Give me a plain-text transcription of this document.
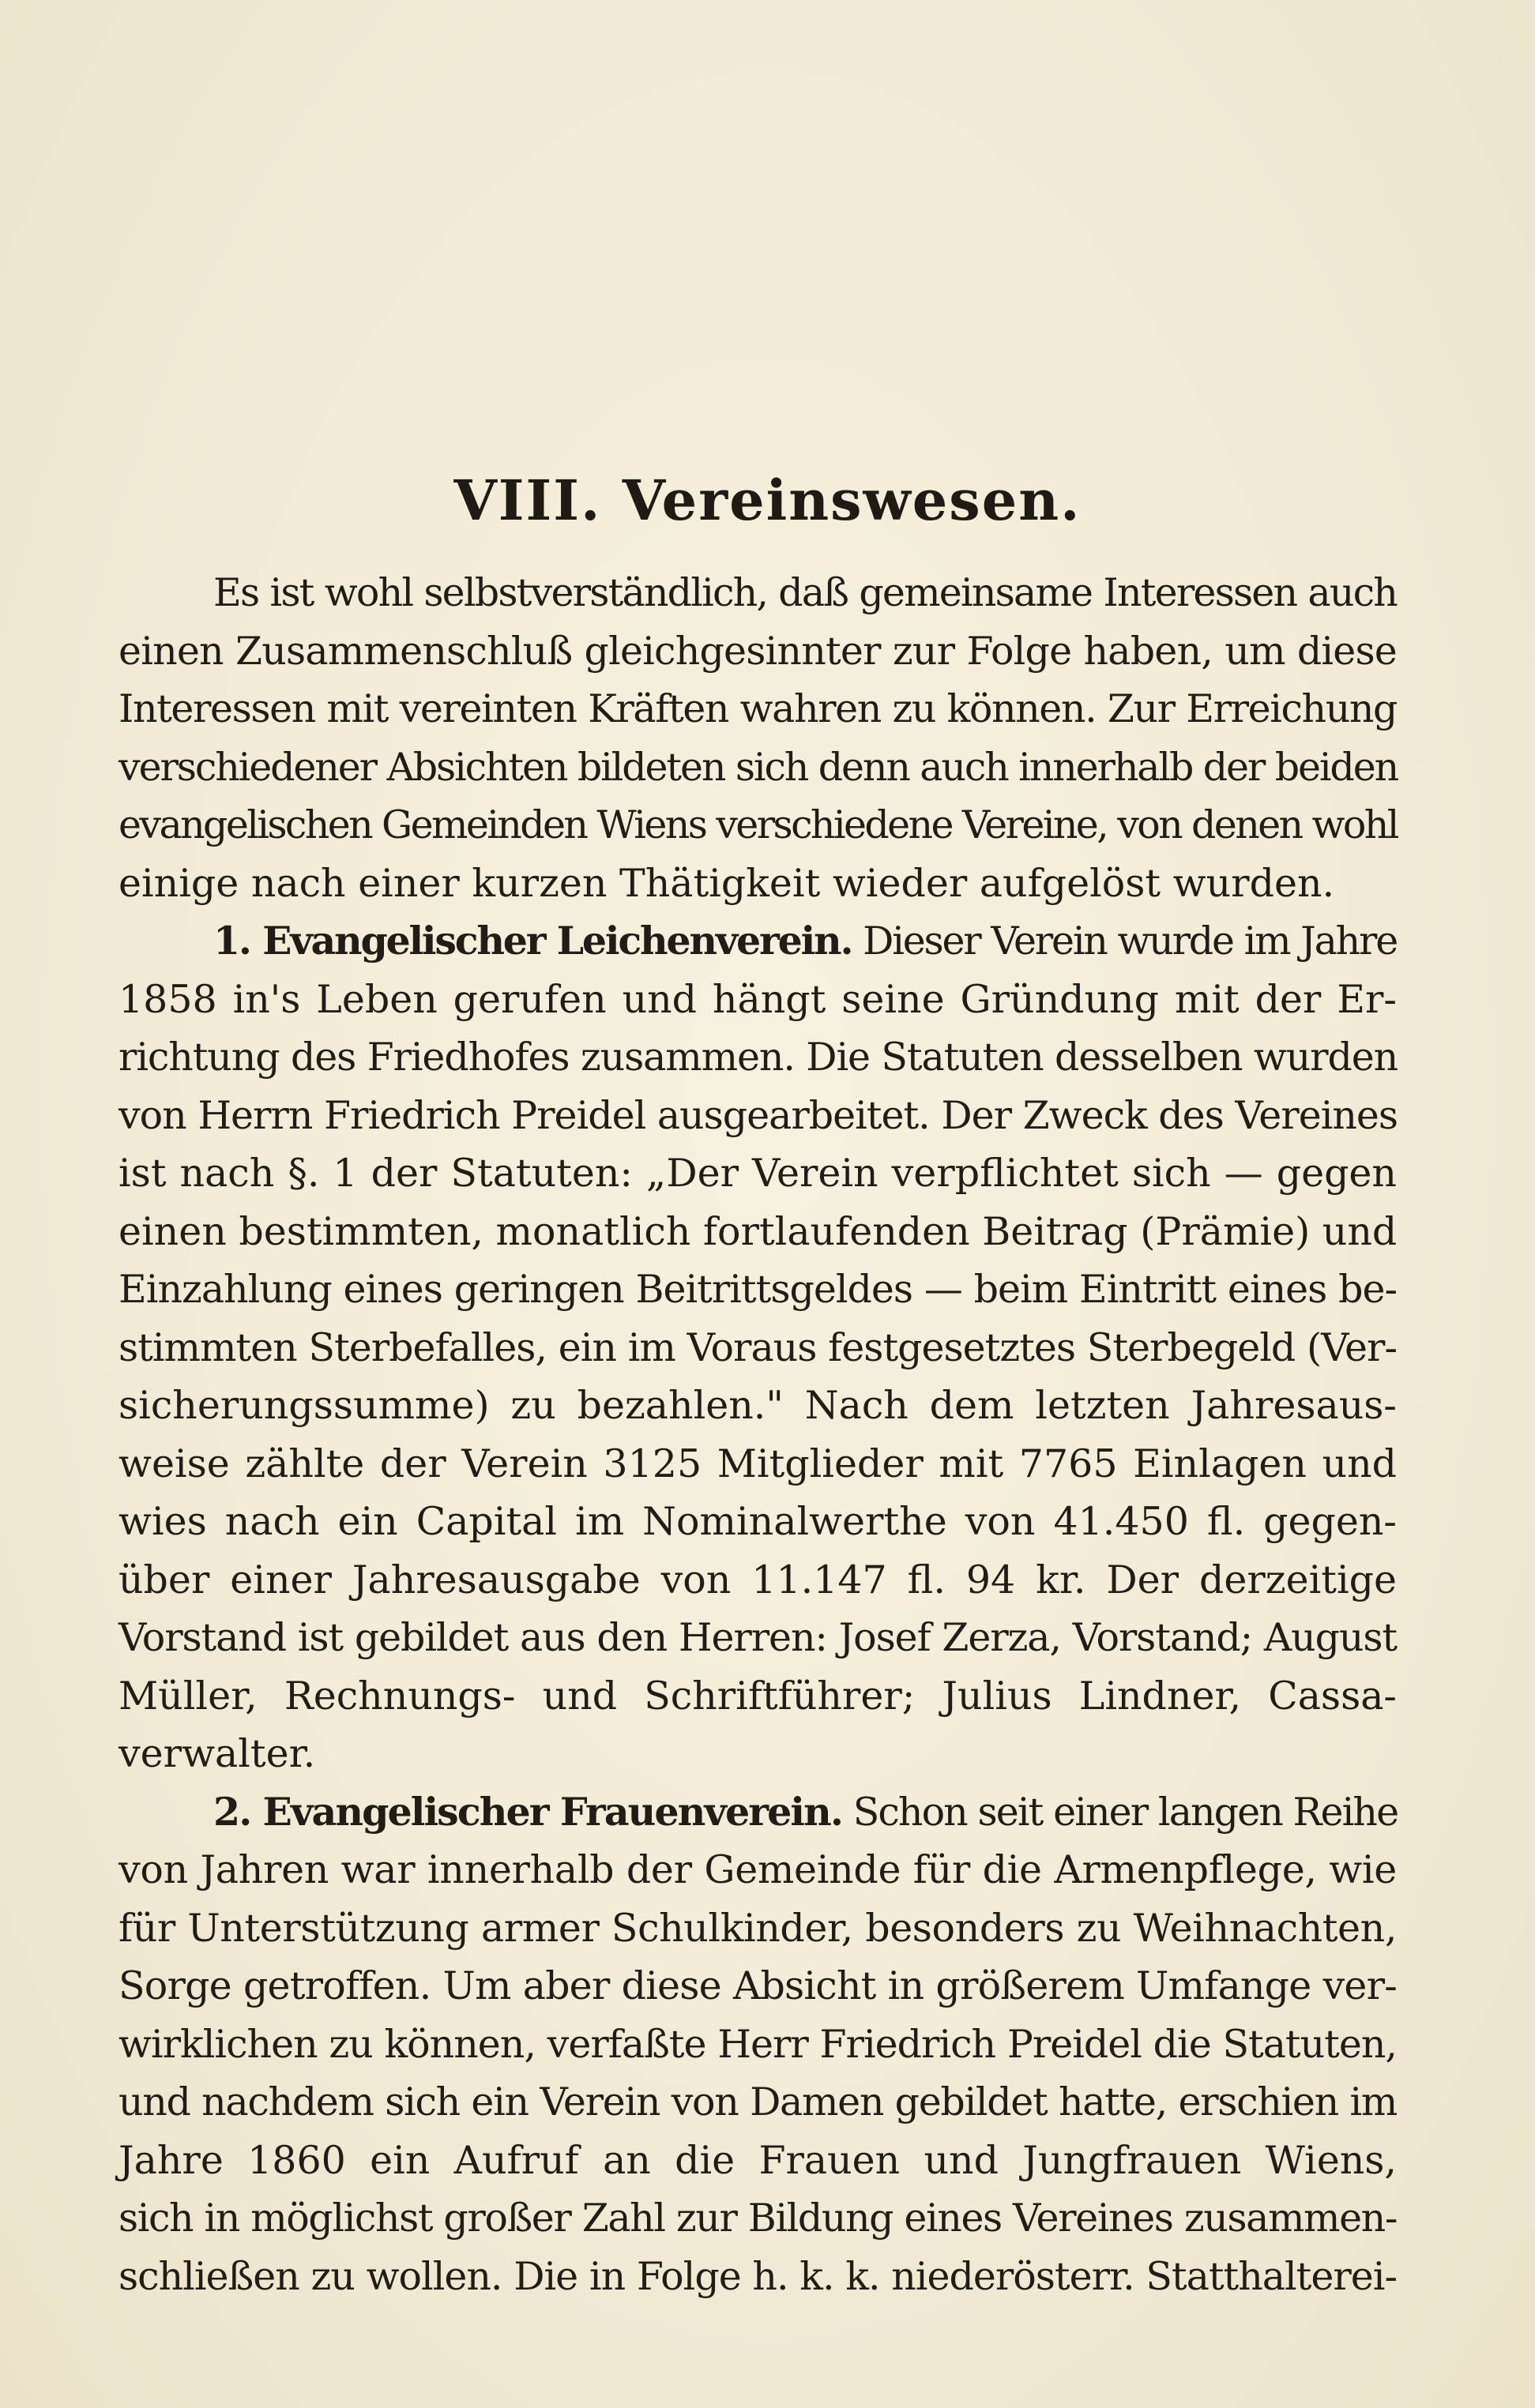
VIII. Vereinswesen.
Es ist wohl selbstverständlich, daß gemeinsame Interessen auch
einen Zusammenschluß gleichgesinnter zur Folge haben, um diese
Interessen mit vereinten Kräften wahren zu können. Zur Erreichung
verschiedener Absichten bildeten sich denn auch innerhalb der beiden
evangelischen Gemeinden Wiens verschiedene Vereine, von denen wohl
einige nach einer kurzen Thätigkeit wieder aufgelöst wurden.
1. Evangelischer Leichenverein. Dieser Verein wurde im Jahre
1858 in's Leben gerufen und hängt seine Gründung mit der Er-
richtung des Friedhofes zusammen. Die Statuten desselben wurden
von Herrn Friedrich Preidel ausgearbeitet. Der Zweck des Vereines
ist nach §. 1 der Statuten: „Der Verein verpflichtet sich — gegen
einen bestimmten, monatlich fortlaufenden Beitrag (Prämie) und
Einzahlung eines geringen Beitrittsgeldes — beim Eintritt eines be-
stimmten Sterbefalles, ein im Voraus festgesetztes Sterbegeld (Ver-
sicherungssumme) zu bezahlen." Nach dem letzten Jahresaus-
weise zählte der Verein 3125 Mitglieder mit 7765 Einlagen und
wies nach ein Capital im Nominalwerthe von 41.450 fl. gegen-
über einer Jahresausgabe von 11.147 fl. 94 kr. Der derzeitige
Vorstand ist gebildet aus den Herren: Josef Zerza, Vorstand; August
Müller, Rechnungs- und Schriftführer; Julius Lindner, Cassa-
verwalter.
2. Evangelischer Frauenverein. Schon seit einer langen Reihe
von Jahren war innerhalb der Gemeinde für die Armenpflege, wie
für Unterstützung armer Schulkinder, besonders zu Weihnachten,
Sorge getroffen. Um aber diese Absicht in größerem Umfange ver-
wirklichen zu können, verfaßte Herr Friedrich Preidel die Statuten,
und nachdem sich ein Verein von Damen gebildet hatte, erschien im
Jahre 1860 ein Aufruf an die Frauen und Jungfrauen Wiens,
sich in möglichst großer Zahl zur Bildung eines Vereines zusammen-
schließen zu wollen. Die in Folge h. k. k. niederösterr. Statthalterei-
